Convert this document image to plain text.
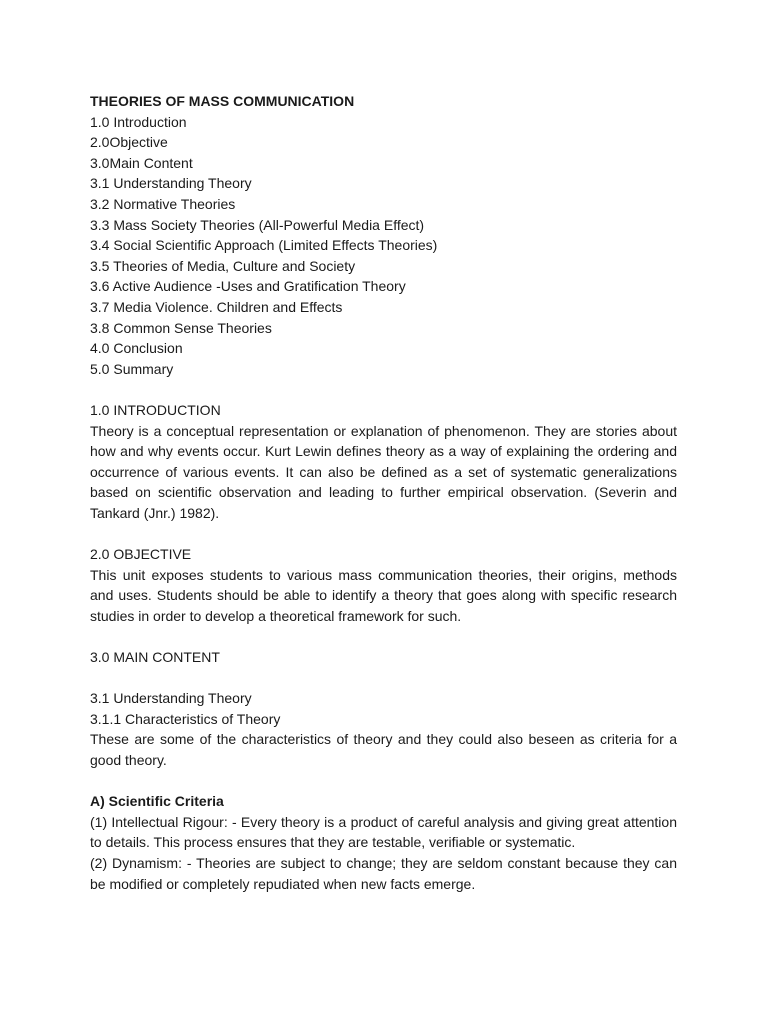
THEORIES OF MASS COMMUNICATION

1.0 Introduction
2.0Objective
3.0Main Content
3.1 Understanding Theory
3.2 Normative Theories
3.3 Mass Society Theories (All-Powerful Media Effect)
3.4 Social Scientific Approach (Limited Effects Theories)
3.5 Theories of Media, Culture and Society
3.6 Active Audience -Uses and Gratification Theory
3.7 Media Violence. Children and Effects
3.8 Common Sense Theories
4.0 Conclusion
5.0 Summary

1.0 INTRODUCTION

Theory is a conceptual representation or explanation of phenomenon. They are stories about how and why events occur. Kurt Lewin defines theory as a way of explaining the ordering and occurrence of various events. It can also be defined as a set of systematic generalizations based on scientific observation and leading to further empirical observation. (Severin and Tankard (Jnr.) 1982).

2.0 OBJECTIVE

This unit exposes students to various mass communication theories, their origins, methods and uses. Students should be able to identify a theory that goes along with specific research studies in order to develop a theoretical framework for such.

3.0 MAIN CONTENT

3.1 Understanding Theory

3.1.1 Characteristics of Theory

These are some of the characteristics of theory and they could also beseen as criteria for a good theory.

A) Scientific Criteria

(1) Intellectual Rigour: - Every theory is a product of careful analysis and giving great attention to details. This process ensures that they are testable, verifiable or systematic.

(2) Dynamism: - Theories are subject to change; they are seldom constant because they can be modified or completely repudiated when new facts emerge.
